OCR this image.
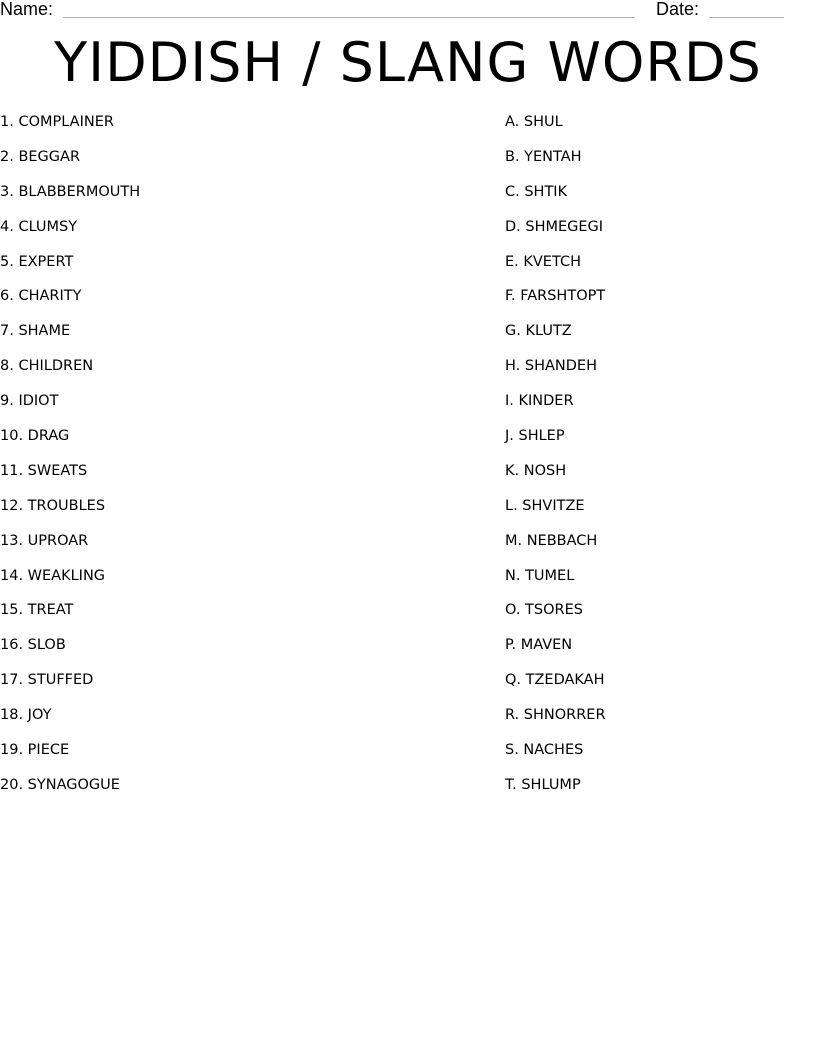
Name:	Date:
YIDDISH / SLANG WORDS
1. COMPLAINER
2. BEGGAR
3. BLABBERMOUTH
4. CLUMSY
5. EXPERT
6. CHARITY
7. SHAME
8. CHILDREN
9. IDIOT
10. DRAG
11. SWEATS
12. TROUBLES
13. UPROAR
14. WEAKLING
15. TREAT
16. SLOB
17. STUFFED
18. JOY
19. PIECE
20. SYNAGOGUE
A. SHUL
B. YENTAH
C. SHTIK
D. SHMEGEGI
E. KVETCH
F. FARSHTOPT
G. KLUTZ
H. SHANDEH
I. KINDER
J. SHLEP
K. NOSH
L. SHVITZE
M. NEBBACH
N. TUMEL
O. TSORES
P. MAVEN
Q. TZEDAKAH
R. SHNORRER
S. NACHES
T. SHLUMP
